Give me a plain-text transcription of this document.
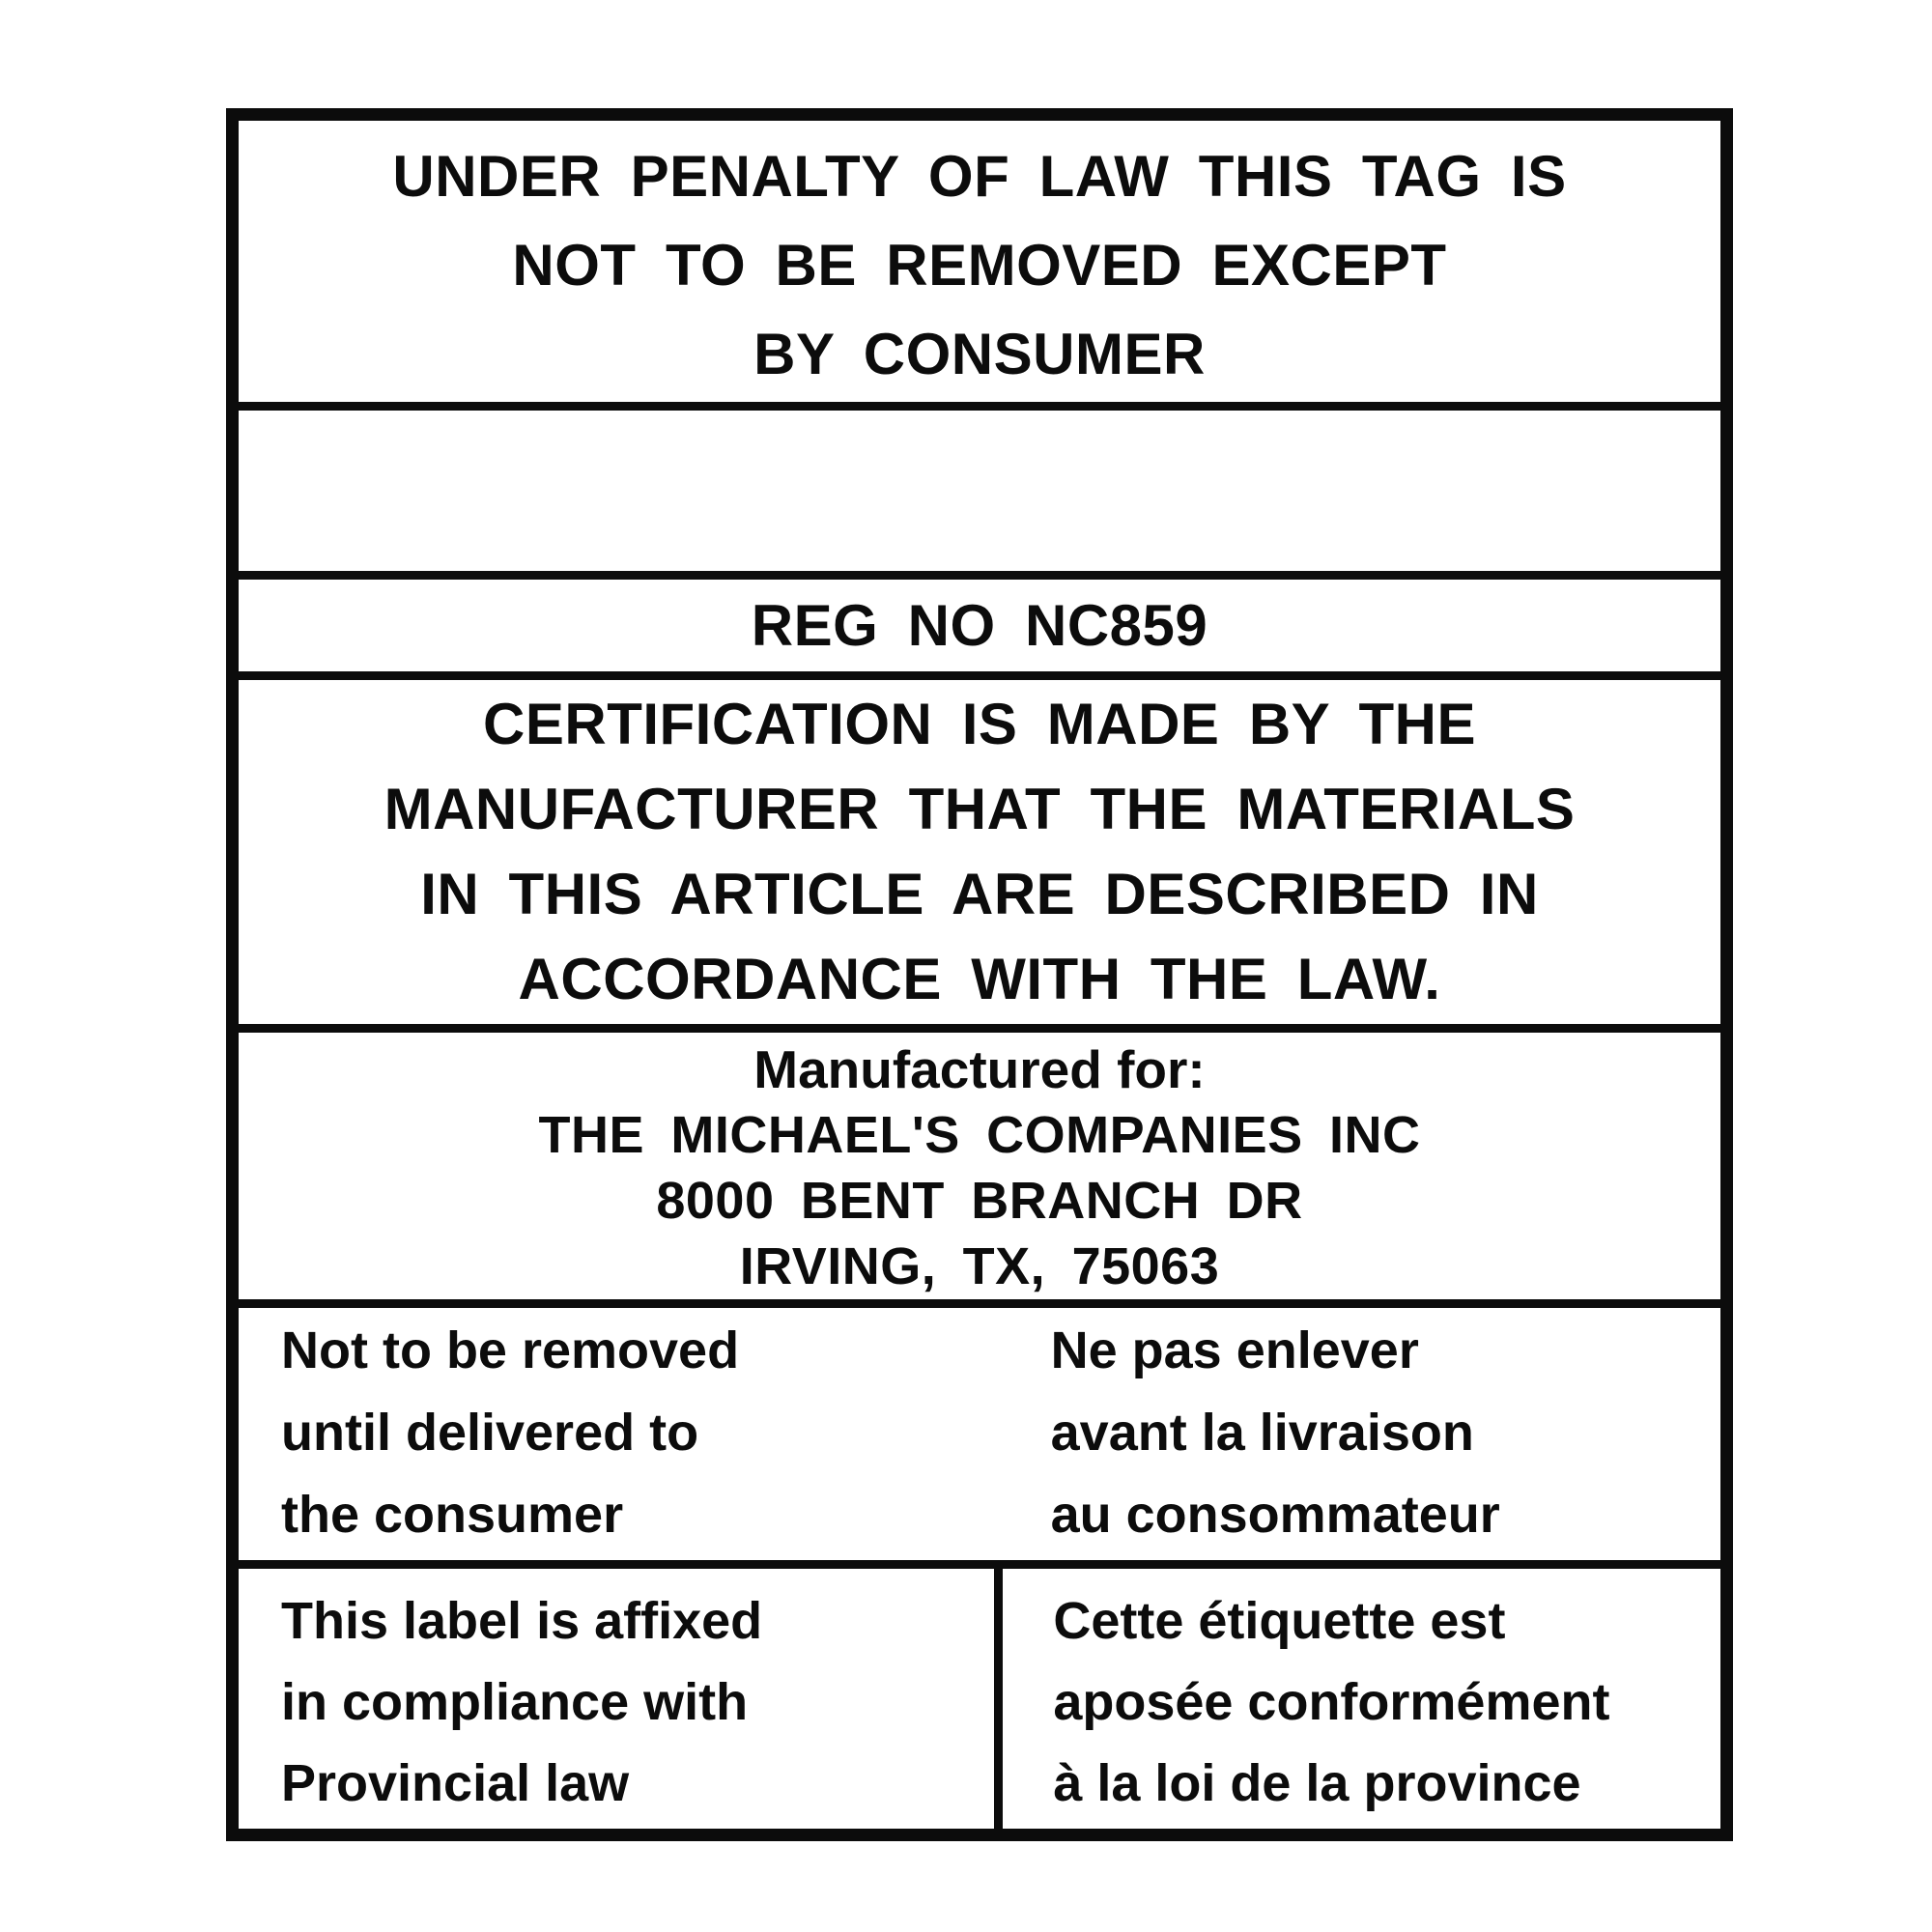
UNDER PENALTY OF LAW THIS TAG IS
NOT TO BE REMOVED EXCEPT
BY CONSUMER
REG NO NC859
CERTIFICATION IS MADE BY THE
MANUFACTURER THAT THE MATERIALS
IN THIS ARTICLE ARE DESCRIBED IN
ACCORDANCE WITH THE LAW.
Manufactured for:
THE MICHAEL'S COMPANIES INC
8000 BENT BRANCH DR
IRVING, TX, 75063
Not to be removed
until delivered to
the consumer
Ne pas enlever
avant la livraison
au consommateur
This label is affixed
in compliance with
Provincial law
Cette étiquette est
aposée conformément
à la loi de la province
